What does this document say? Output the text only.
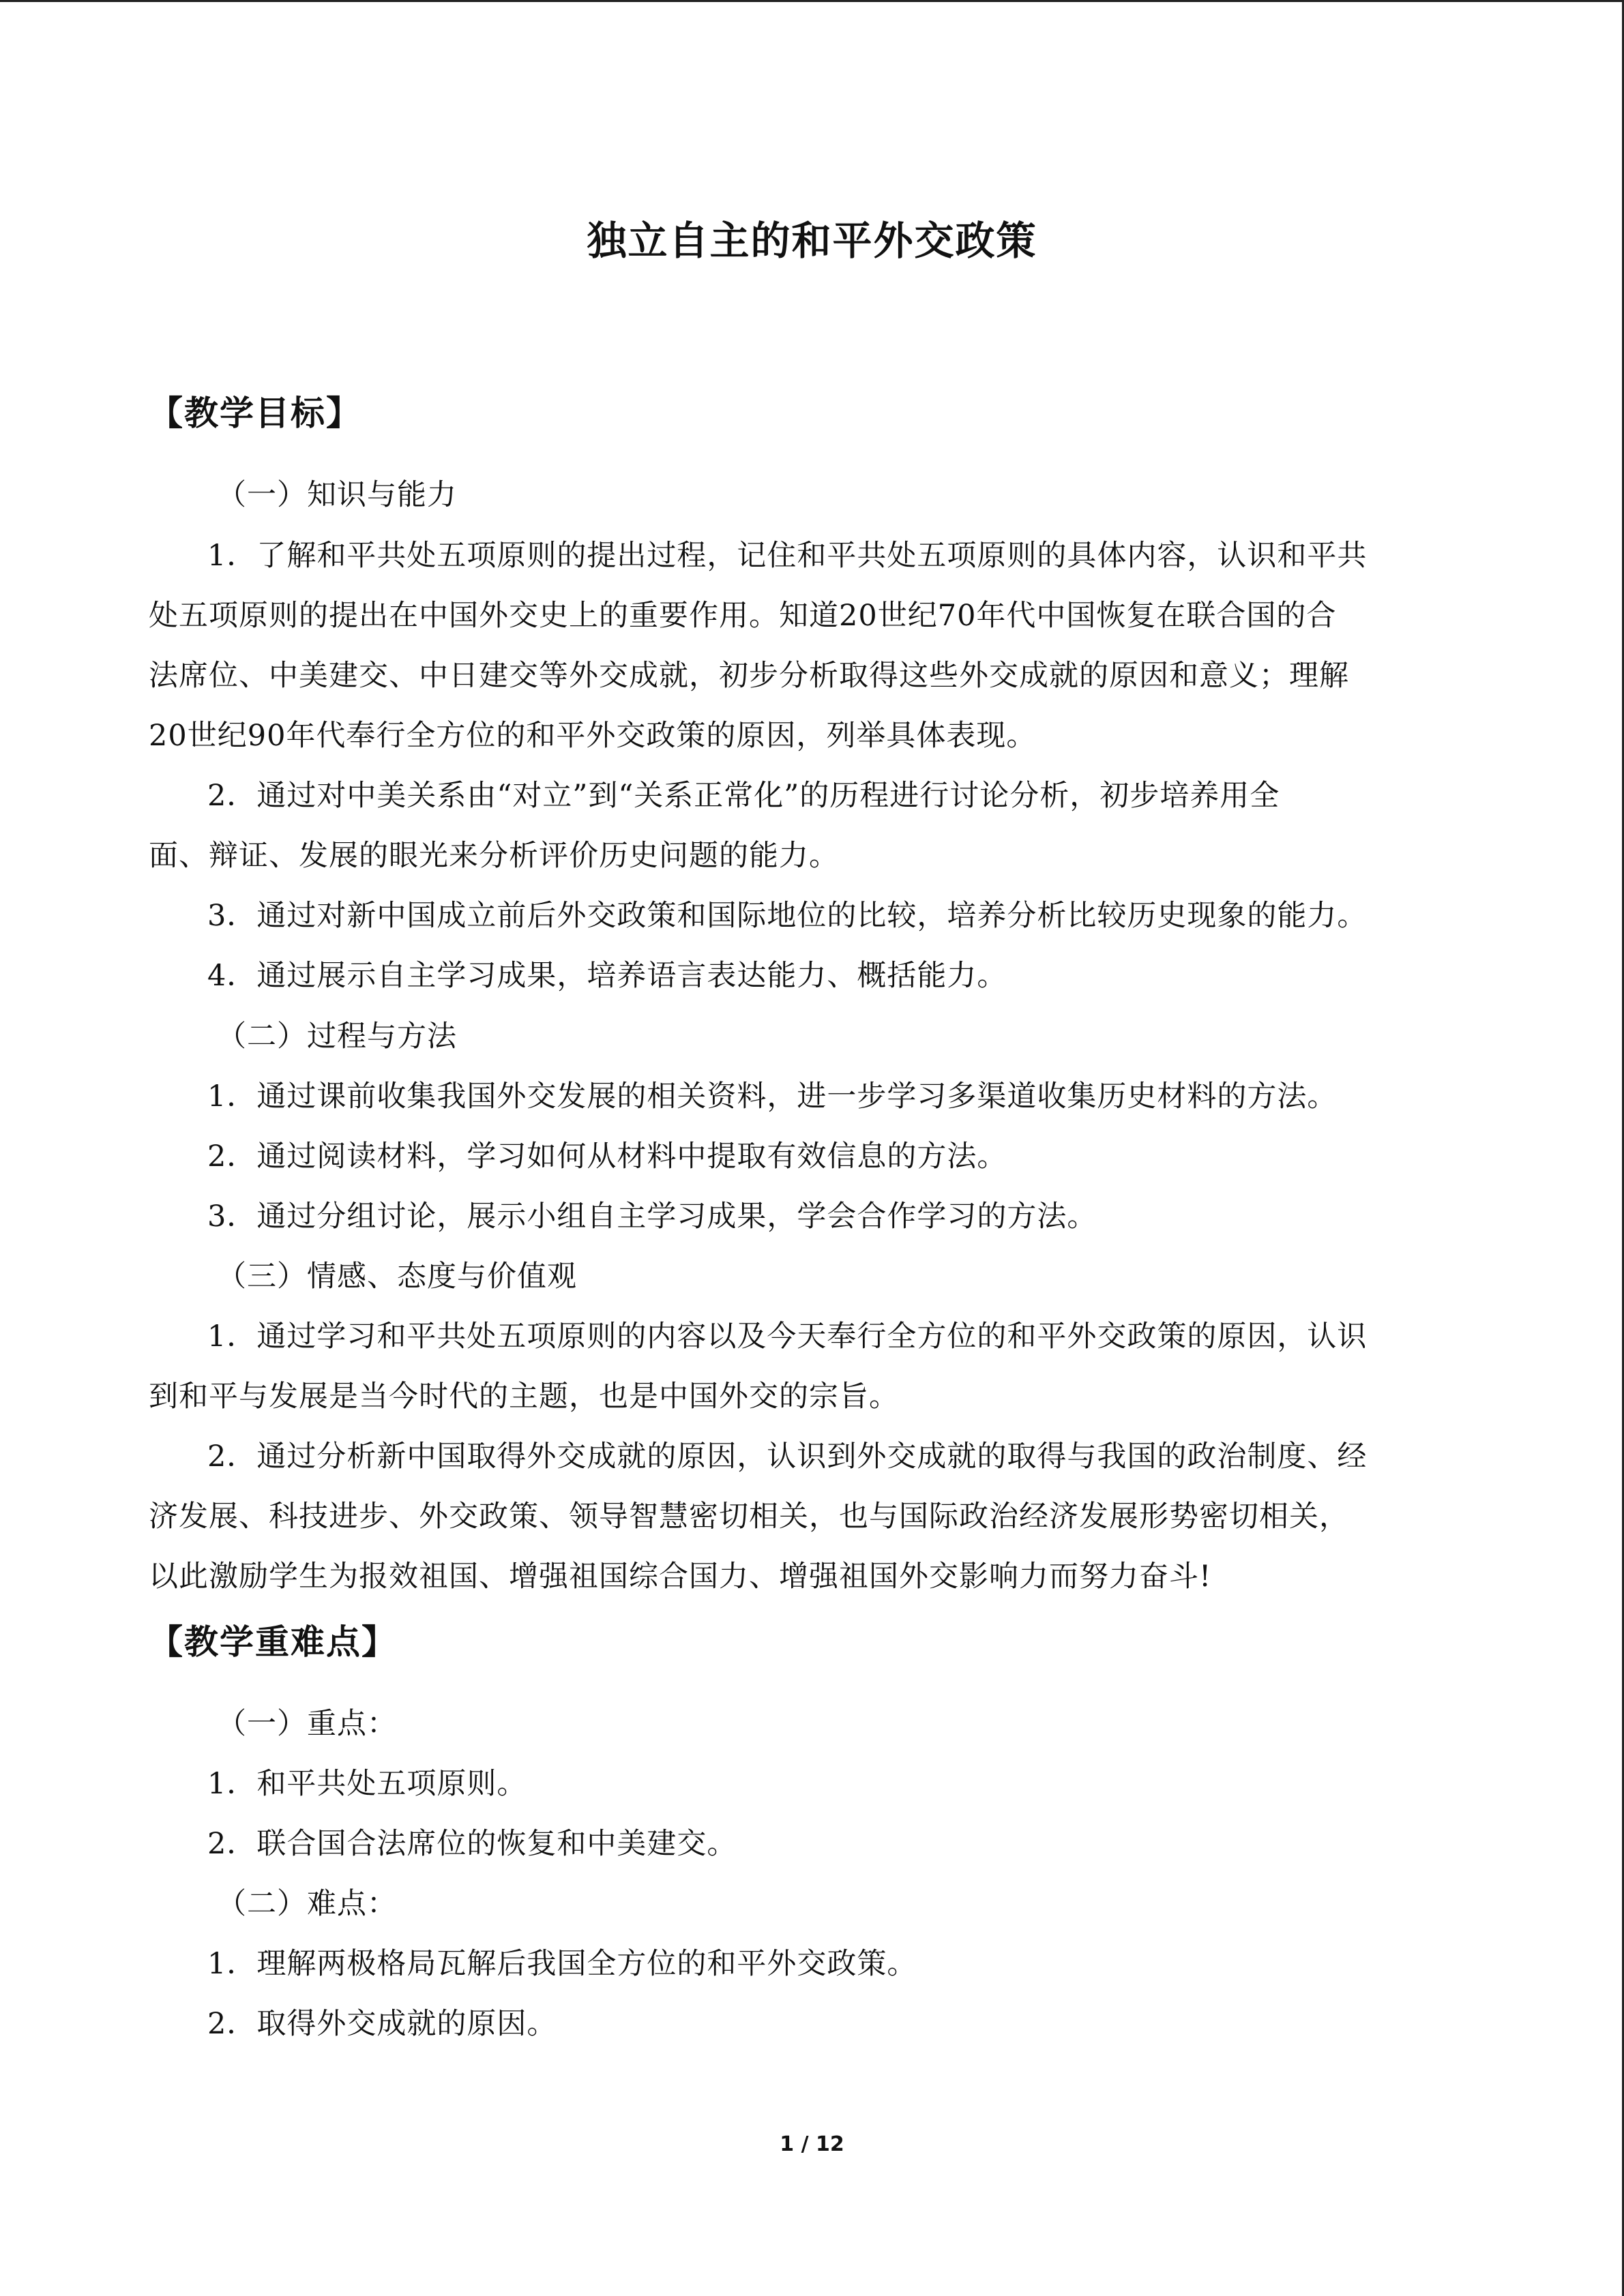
独立自主的和平外交政策
【教学目标】
（一）知识与能力
1．了解和平共处五项原则的提出过程，记住和平共处五项原则的具体内容，认识和平共
处五项原则的提出在中国外交史上的重要作用。知道20世纪70年代中国恢复在联合国的合
法席位、中美建交、中日建交等外交成就，初步分析取得这些外交成就的原因和意义；理解
20世纪90年代奉行全方位的和平外交政策的原因，列举具体表现。
2．通过对中美关系由“对立”到“关系正常化”的历程进行讨论分析，初步培养用全
面、辩证、发展的眼光来分析评价历史问题的能力。
3．通过对新中国成立前后外交政策和国际地位的比较，培养分析比较历史现象的能力。
4．通过展示自主学习成果，培养语言表达能力、概括能力。
（二）过程与方法
1．通过课前收集我国外交发展的相关资料，进一步学习多渠道收集历史材料的方法。
2．通过阅读材料，学习如何从材料中提取有效信息的方法。
3．通过分组讨论，展示小组自主学习成果，学会合作学习的方法。
（三）情感、态度与价值观
1．通过学习和平共处五项原则的内容以及今天奉行全方位的和平外交政策的原因，认识
到和平与发展是当今时代的主题，也是中国外交的宗旨。
2．通过分析新中国取得外交成就的原因，认识到外交成就的取得与我国的政治制度、经
济发展、科技进步、外交政策、领导智慧密切相关，也与国际政治经济发展形势密切相关，
以此激励学生为报效祖国、增强祖国综合国力、增强祖国外交影响力而努力奋斗!
【教学重难点】
（一）重点：
1．和平共处五项原则。
2．联合国合法席位的恢复和中美建交。
（二）难点：
1．理解两极格局瓦解后我国全方位的和平外交政策。
2．取得外交成就的原因。
1 / 12
